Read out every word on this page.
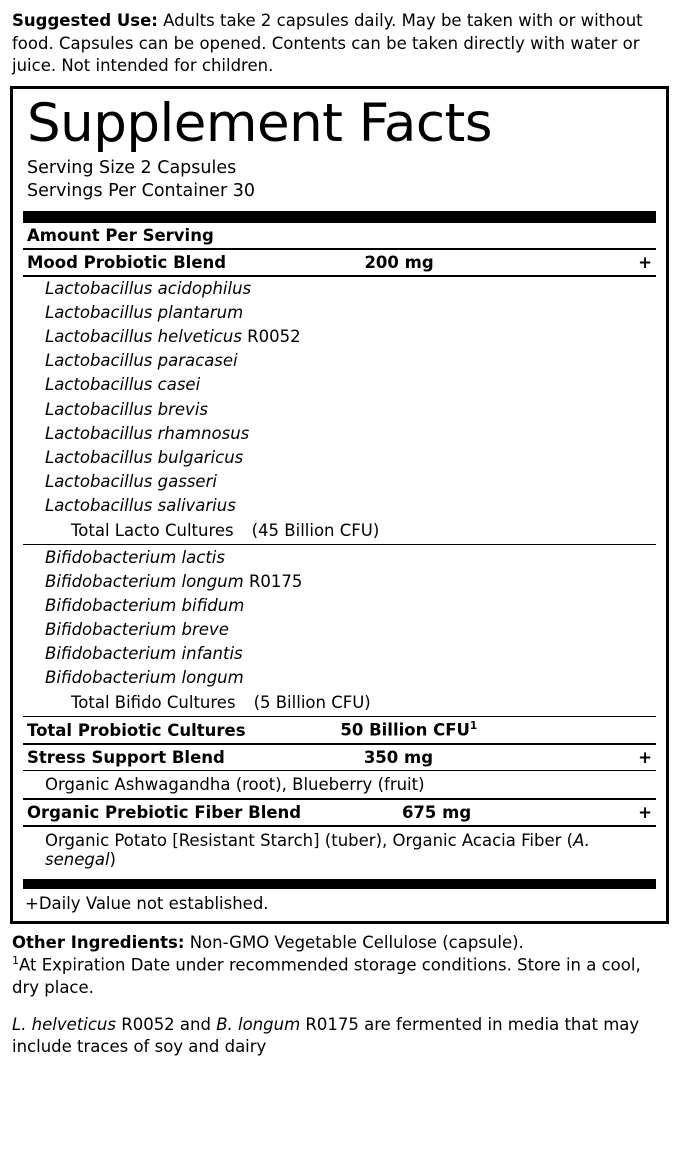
Suggested Use: Adults take 2 capsules daily. May be taken with or without food. Capsules can be opened. Contents can be taken directly with water or juice. Not intended for children.

Supplement Facts
Serving Size 2 Capsules
Servings Per Container 30
Amount Per Serving
Mood Probiotic Blend	200 mg	+
Lactobacillus acidophilus
Lactobacillus plantarum
Lactobacillus helveticus R0052
Lactobacillus paracasei
Lactobacillus casei
Lactobacillus brevis
Lactobacillus rhamnosus
Lactobacillus bulgaricus
Lactobacillus gasseri
Lactobacillus salivarius
Total Lacto Cultures (45 Billion CFU)
Bifidobacterium lactis
Bifidobacterium longum R0175
Bifidobacterium bifidum
Bifidobacterium breve
Bifidobacterium infantis
Bifidobacterium longum
Total Bifido Cultures (5 Billion CFU)
Total Probiotic Cultures	50 Billion CFU$^1$
Stress Support Blend	350 mg	+
Organic Ashwagandha (root), Blueberry (fruit)
Organic Prebiotic Fiber Blend	675 mg	+
Organic Potato [Resistant Starch] (tuber), Organic Acacia Fiber (A. senegal)
+Daily Value not established.

Other Ingredients: Non-GMO Vegetable Cellulose (capsule).

$^1$At Expiration Date under recommended storage conditions. Store in a cool, dry place.

L. helveticus R0052 and B. longum R0175 are fermented in media that may include traces of soy and dairy
